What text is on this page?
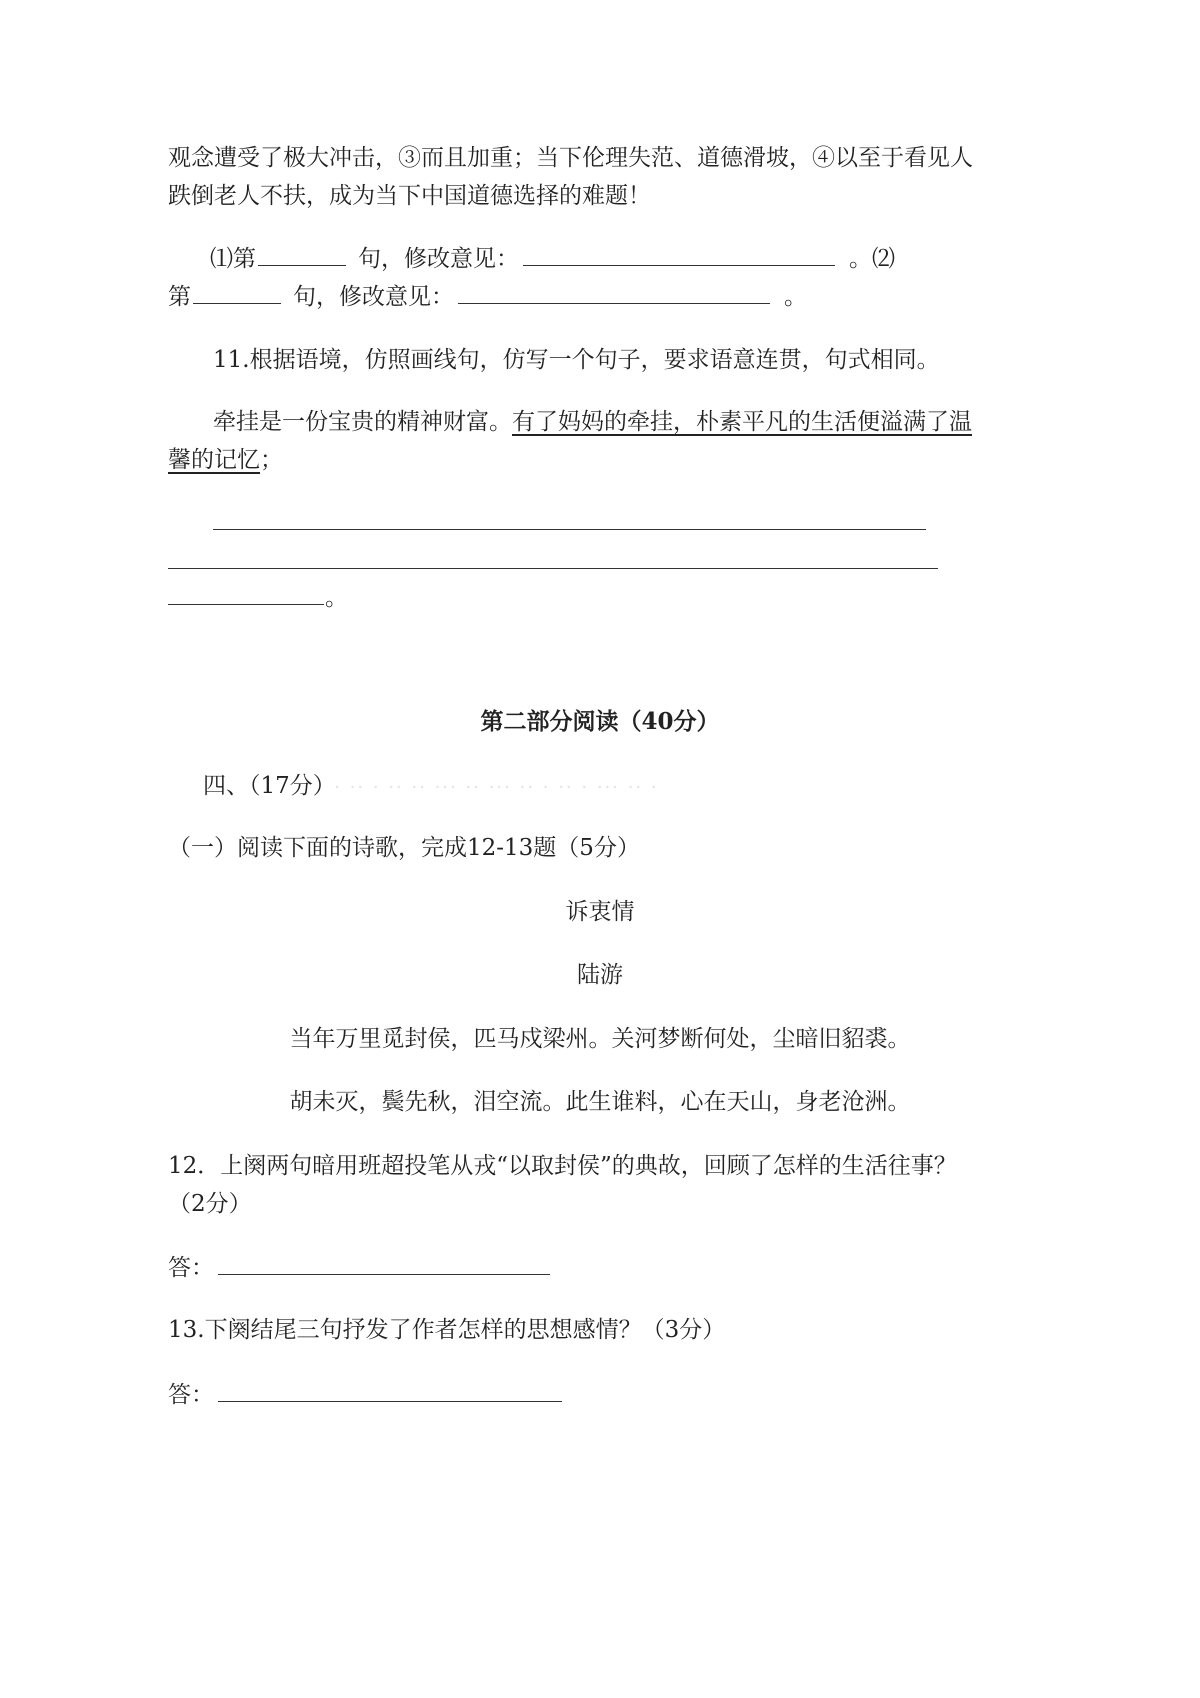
观念遭受了极大冲击，③而且加重；当下伦理失范、道德滑坡，④以至于看见人
跌倒老人不扶，成为当下中国道德选择的难题！
⑴第	句，修改意见：	。⑵
第	句，修改意见：	。
11.根据语境，仿照画线句，仿写一个句子，要求语意连贯，句式相同。
牵挂是一份宝贵的精神财富。有了妈妈的牵挂，朴素平凡的生活便溢满了温
馨的记忆；
。
第二部分阅读（40分）
四、（17分） · ·· · ·· ·· ··· ·· ··· ·· · ·· · ··· ·· ·
（一）阅读下面的诗歌，完成12-13题（5分）
诉衷情
陆游
当年万里觅封侯，匹马戍梁州。关河梦断何处，尘暗旧貂裘。
胡未灭，鬓先秋，泪空流。此生谁料，心在天山，身老沧洲。
12．上阕两句暗用班超投笔从戎“以取封侯”的典故，回顾了怎样的生活往事？
（2分）
答：
13.下阕结尾三句抒发了作者怎样的思想感情？（3分）
答：
